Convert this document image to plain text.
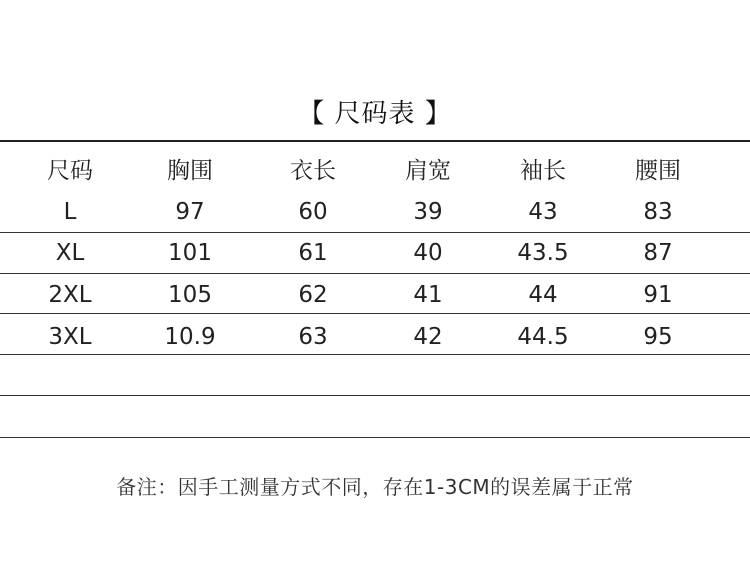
【 尺码表 】
尺码	胸围	衣长	肩宽	袖长	腰围
L	97	60	39	43	83
XL	101	61	40	43.5	87
2XL	105	62	41	44	91
3XL	10.9	63	42	44.5	95
备注：因手工测量方式不同，存在1-3CM的误差属于正常
